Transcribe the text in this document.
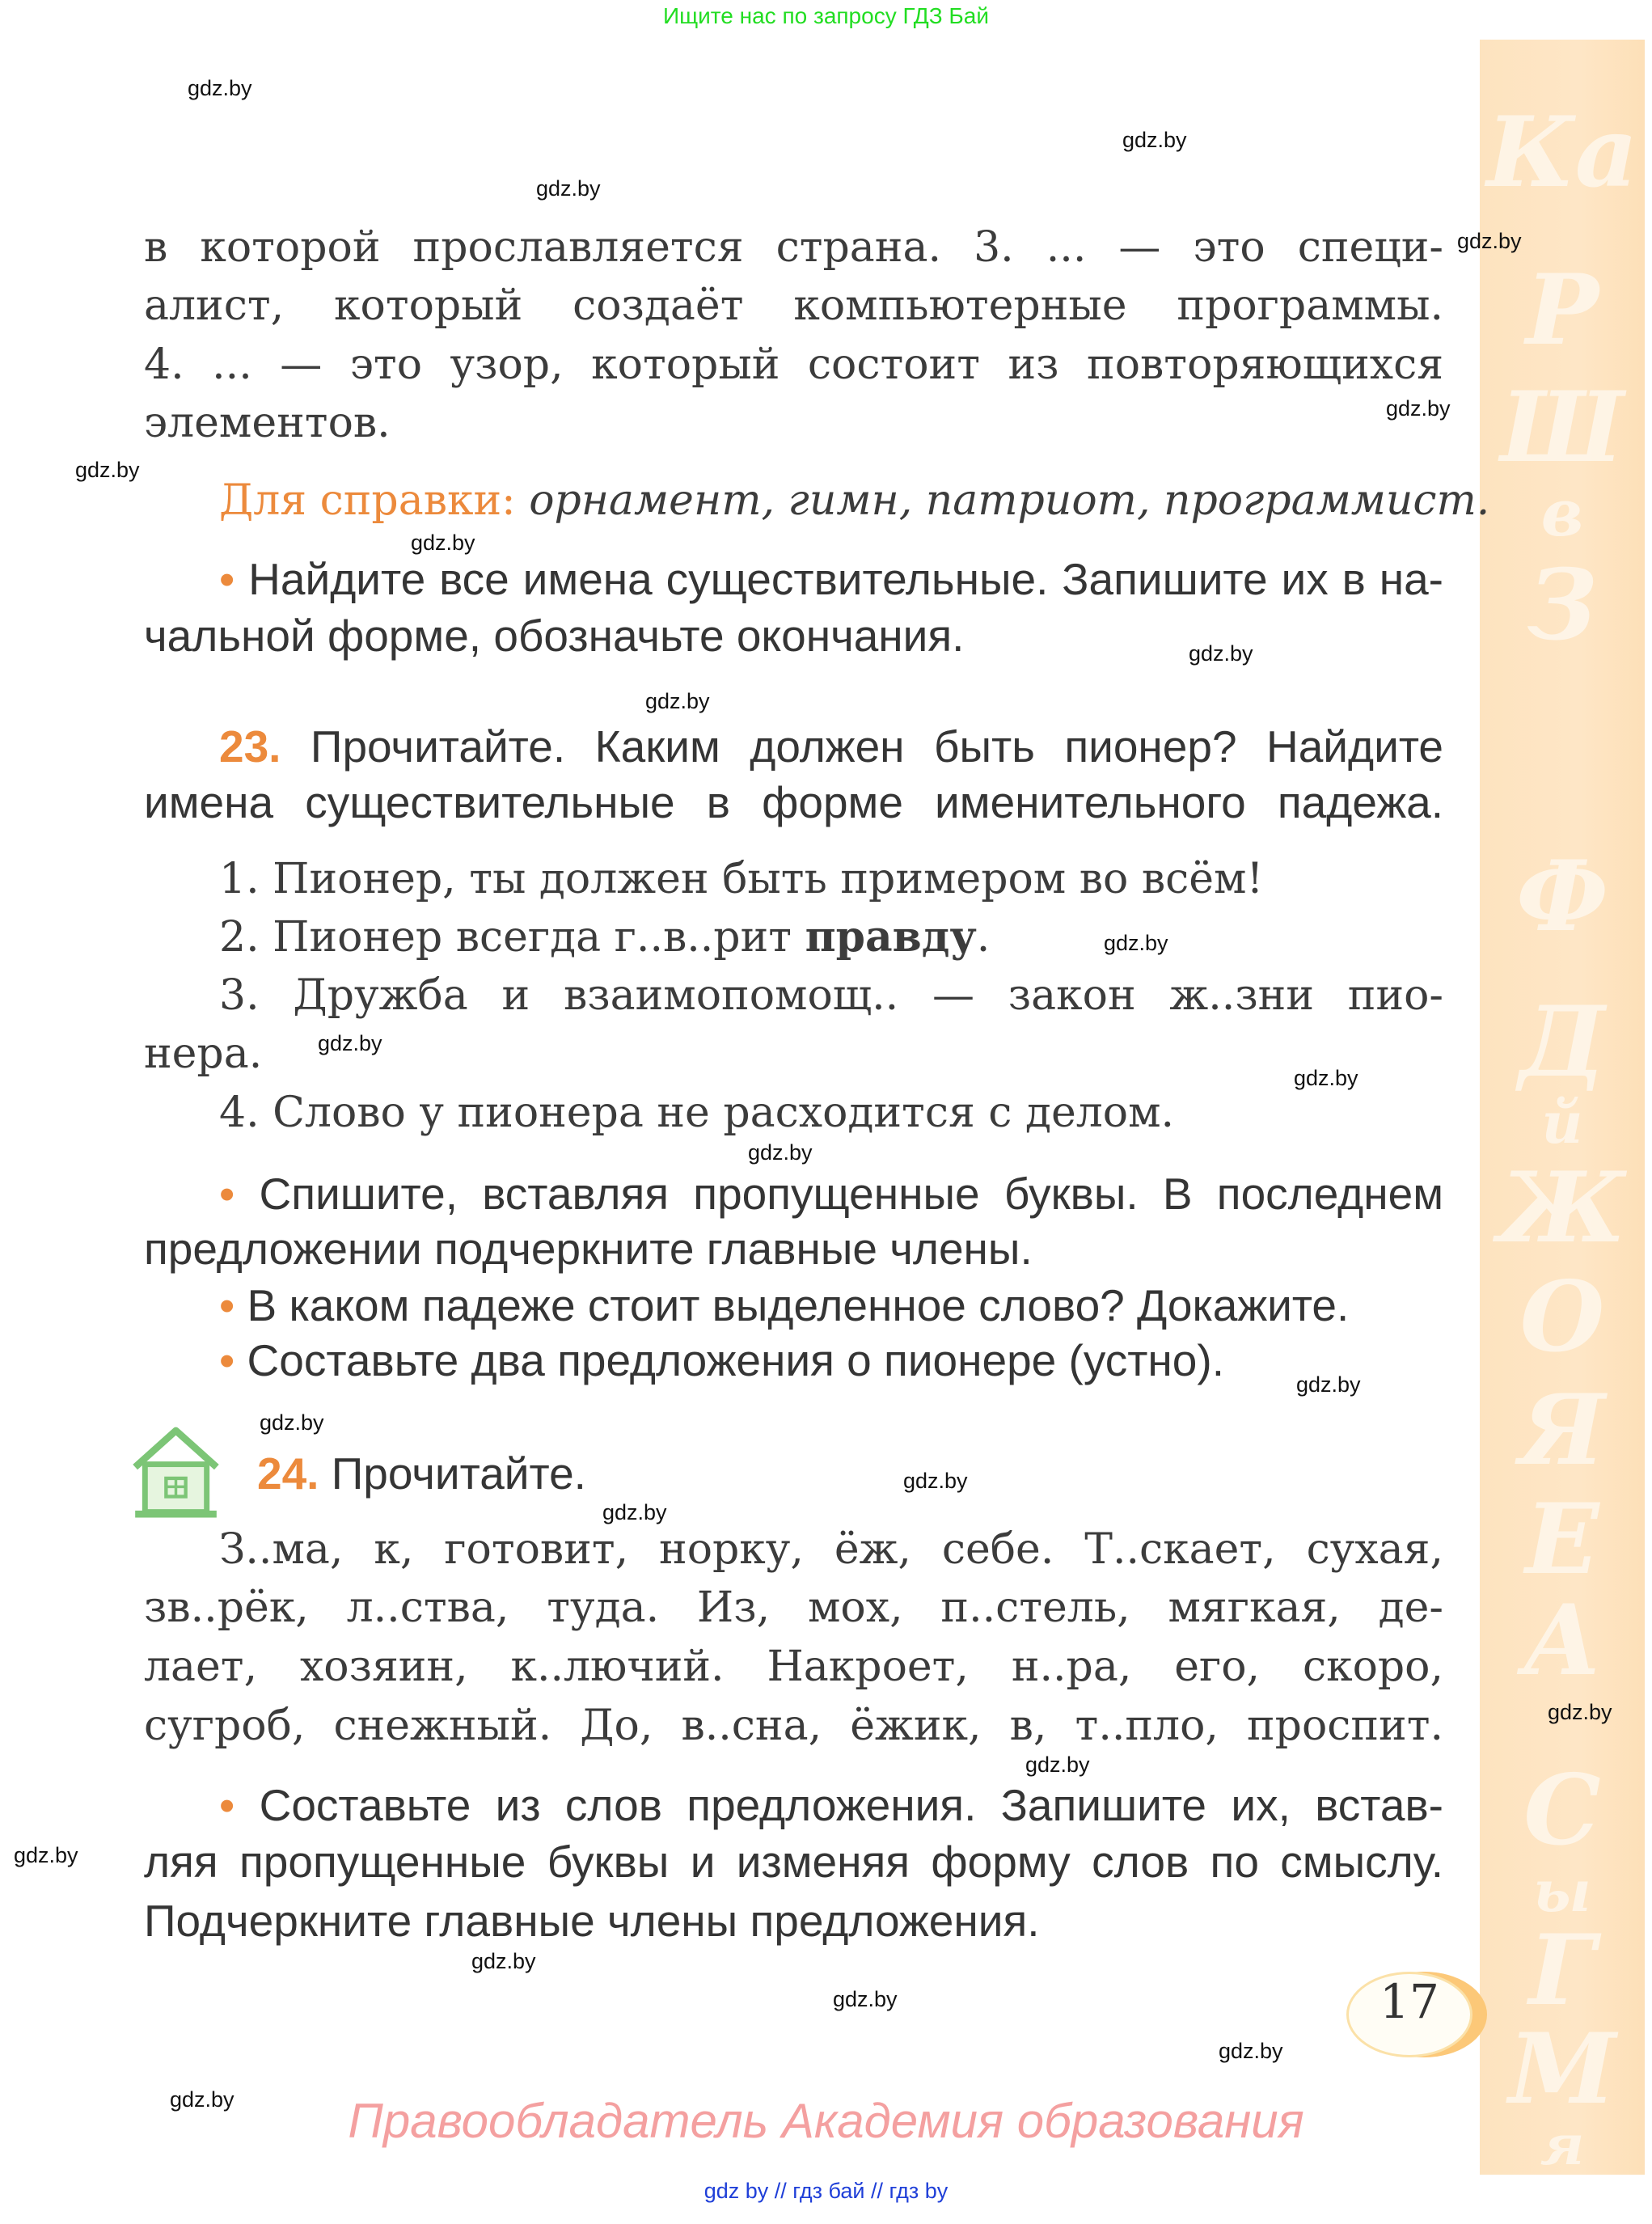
Ищите нас по запросу ГДЗ Бай
Ка
Р
Ш
в
З
Ф
Д
й
Ж
О
Я
Е
А
С
ы
Г
М
я
в которой прославляется страна. 3. ... — это специ-
алист, который создаёт компьютерные программы.
4. ... — это узор, который состоит из повторяющихся
элементов.
Для справки: орнамент, гимн, патриот, программист.
• Найдите все имена существительные. Запишите их в на-
чальной форме, обозначьте окончания.
23. Прочитайте. Каким должен быть пионер? Найдите
имена существительные в форме именительного падежа.
1. Пионер, ты должен быть примером во всём!
2. Пионер всегда г..в..рит правду.
3. Дружба и взаимопомощ.. — закон ж..зни пио-
нера.
4. Слово у пионера не расходится с делом.
• Спишите, вставляя пропущенные буквы. В последнем
предложении подчеркните главные члены.
• В каком падеже стоит выделенное слово? Докажите.
• Составьте два предложения о пионере (устно).
24. Прочитайте.
З..ма, к, готовит, норку, ёж, себе. Т..скает, сухая,
зв..рёк, л..ства, туда. Из, мох, п..стель, мягкая, де-
лает, хозяин, к..лючий. Накроет, н..ра, его, скоро,
сугроб, снежный. До, в..сна, ёжик, в, т..пло, проспит.
• Составьте из слов предложения. Запишите их, встав-
ляя пропущенные буквы и изменяя форму слов по смыслу.
Подчеркните главные члены предложения.
17
Правообладатель Академия образования
gdz by // гдз бай // гдз by
gdz.by
gdz.by
gdz.by
gdz.by
gdz.by
gdz.by
gdz.by
gdz.by
gdz.by
gdz.by
gdz.by
gdz.by
gdz.by
gdz.by
gdz.by
gdz.by
gdz.by
gdz.by
gdz.by
gdz.by
gdz.by
gdz.by
gdz.by
gdz.by
